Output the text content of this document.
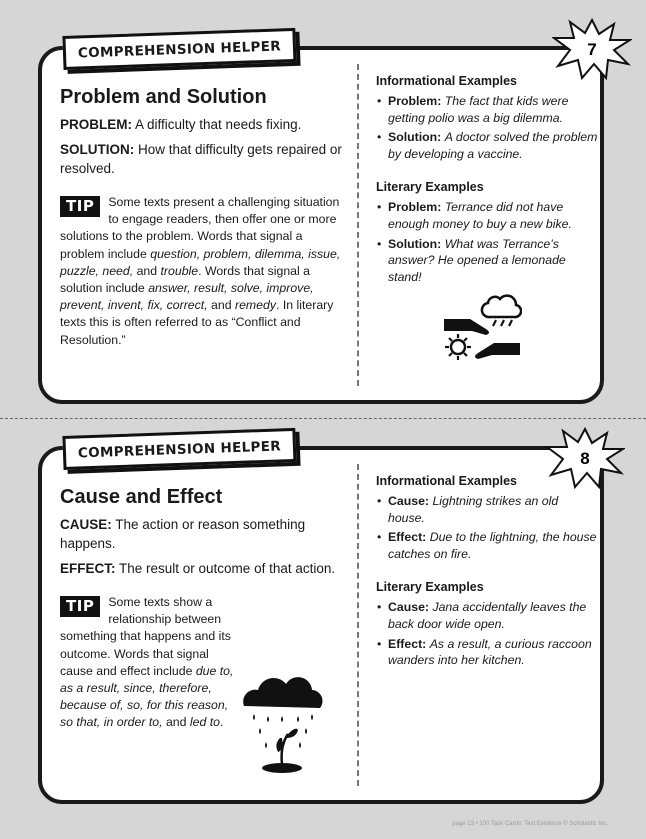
Problem and Solution

PROBLEM: A difficulty that needs fixing.

SOLUTION: How that difficulty gets repaired or resolved.

TIP	Some texts present a challenging situation to engage readers, then offer one or more solutions to the problem. Words that signal a problem include question, problem, dilemma, issue, puzzle, need, and trouble. Words that signal a solution include answer, result, solve, improve, prevent, invent, fix, correct, and remedy. In literary texts this is often referred to as “Conflict and Resolution.”
Informational Examples
• Problem: The fact that kids were getting polio was a big dilemma.
• Solution: A doctor solved the problem by developing a vaccine.
Literary Examples
• Problem: Terrance did not have enough money to buy a new bike.
• Solution: What was Terrance’s answer? He opened a lemonade stand!
COMPREHENSION HELPER	7
Cause and Effect

CAUSE: The action or reason something happens.

EFFECT: The result or outcome of that action.

TIP	Some texts show a relationship between something that happens and its outcome. Words that signal cause and effect include due to, as a result, since, therefore, because of, so, for this reason, so that, in order to, and led to.
Informational Examples
• Cause: Lightning strikes an old house.
• Effect: Due to the lightning, the house catches on fire.
Literary Examples
• Cause: Jana accidentally leaves the back door wide open.
• Effect: As a result, a curious raccoon wanders into her kitchen.
COMPREHENSION HELPER	8
page 13 • 100 Task Cards: Text Evidence © Scholastic Inc.
